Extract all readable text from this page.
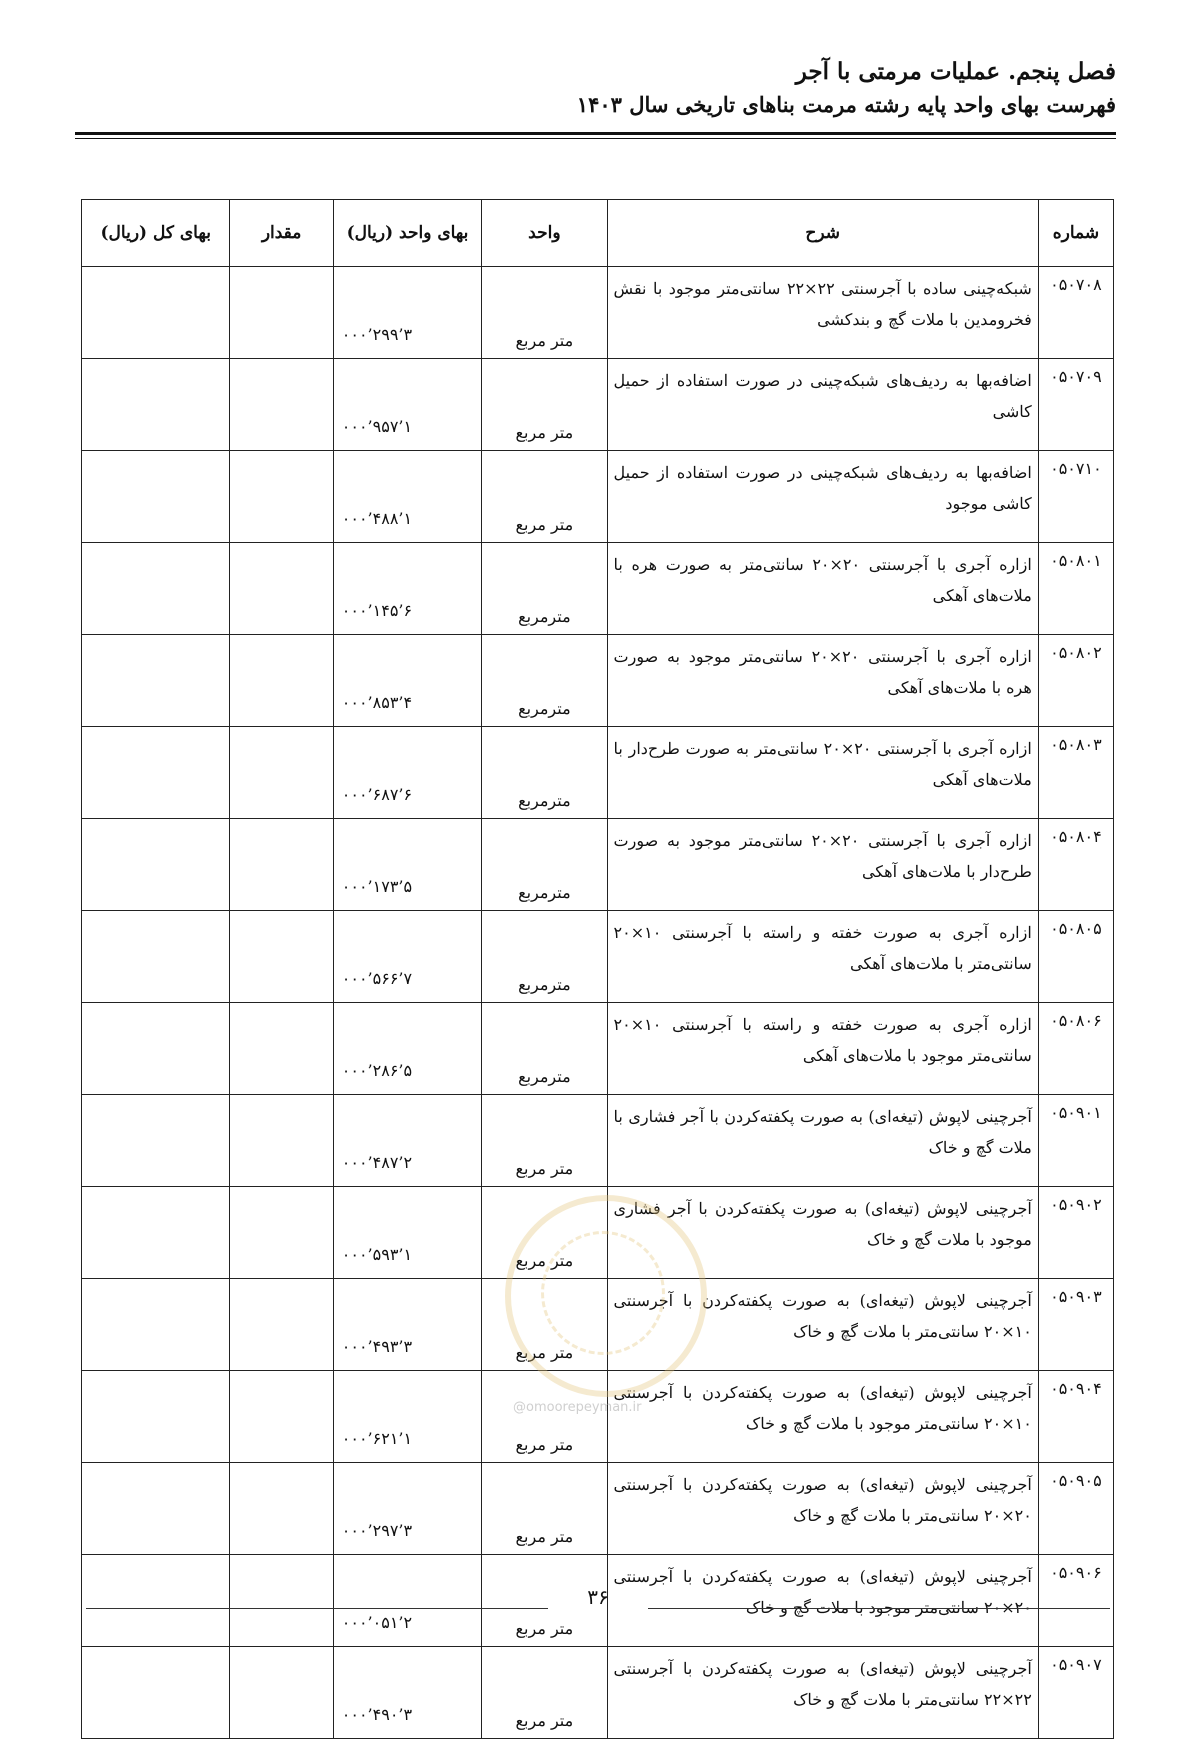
فصل پنجم. عملیات مرمتی با آجر
فهرست بهای واحد پایه رشته مرمت بناهای تاریخی سال ۱۴۰۳
شماره	شرح	واحد	بهای واحد (ریال)	مقدار	بهای کل (ریال)
۰۵۰۷۰۸	شبکه‌چینی ساده با آجرسنتی ۲۲×۲۲ سانتی‌متر موجود با نقش فخرومدین با ملات گچ و بندکشی	متر مربع	۳’۲۹۹’۰۰۰		
۰۵۰۷۰۹	اضافه‌بها به ردیف‌های شبکه‌چینی در صورت استفاده از حمیل کاشی	متر مربع	۱’۹۵۷’۰۰۰		
۰۵۰۷۱۰	اضافه‌بها به ردیف‌های شبکه‌چینی در صورت استفاده از حمیل کاشی موجود	متر مربع	۱’۴۸۸’۰۰۰		
۰۵۰۸۰۱	ازاره آجری با آجرسنتی ۲۰×۲۰ سانتی‌متر به صورت هره با ملات‌های آهکی	مترمربع	۶’۱۴۵’۰۰۰		
۰۵۰۸۰۲	ازاره آجری با آجرسنتی ۲۰×۲۰ سانتی‌متر موجود به صورت هره با ملات‌های آهکی	مترمربع	۴’۸۵۳’۰۰۰		
۰۵۰۸۰۳	ازاره آجری با آجرسنتی ۲۰×۲۰ سانتی‌متر به صورت طرح‌دار با ملات‌های آهکی	مترمربع	۶’۶۸۷’۰۰۰		
۰۵۰۸۰۴	ازاره آجری با آجرسنتی ۲۰×۲۰ سانتی‌متر موجود به صورت طرح‌دار با ملات‌های آهکی	مترمربع	۵’۱۷۳’۰۰۰		
۰۵۰۸۰۵	ازاره آجری به صورت خفته و راسته با آجرسنتی ۱۰×۲۰ سانتی‌متر با ملات‌های آهکی	مترمربع	۷’۵۶۶’۰۰۰		
۰۵۰۸۰۶	ازاره آجری به صورت خفته و راسته با آجرسنتی ۱۰×۲۰ سانتی‌متر موجود با ملات‌های آهکی	مترمربع	۵’۲۸۶’۰۰۰		
۰۵۰۹۰۱	آجرچینی لاپوش (تیغه‌ای) به صورت پکفته‌کردن با آجر فشاری با ملات گچ و خاک	متر مربع	۲’۴۸۷’۰۰۰		
۰۵۰۹۰۲	آجرچینی لاپوش (تیغه‌ای) به صورت پکفته‌کردن با آجر فشاری موجود با ملات گچ و خاک	متر مربع	۱’۵۹۳’۰۰۰		
۰۵۰۹۰۳	آجرچینی لاپوش (تیغه‌ای) به صورت پکفته‌کردن با آجرسنتی ۱۰×۲۰ سانتی‌متر با ملات گچ و خاک	متر مربع	۳’۴۹۳’۰۰۰		
۰۵۰۹۰۴	آجرچینی لاپوش (تیغه‌ای) به صورت پکفته‌کردن با آجرسنتی ۱۰×۲۰ سانتی‌متر موجود با ملات گچ و خاک	متر مربع	۱’۶۲۱’۰۰۰		
۰۵۰۹۰۵	آجرچینی لاپوش (تیغه‌ای) به صورت پکفته‌کردن با آجرسنتی ۲۰×۲۰ سانتی‌متر با ملات گچ و خاک	متر مربع	۳’۲۹۷’۰۰۰		
۰۵۰۹۰۶	آجرچینی لاپوش (تیغه‌ای) به صورت پکفته‌کردن با آجرسنتی ۲۰×۲۰ سانتی‌متر موجود با ملات گچ و خاک	متر مربع	۲’۰۵۱’۰۰۰		
۰۵۰۹۰۷	آجرچینی لاپوش (تیغه‌ای) به صورت پکفته‌کردن با آجرسنتی ۲۲×۲۲ سانتی‌متر با ملات گچ و خاک	متر مربع	۳’۴۹۰’۰۰۰		
@omoorepeyman.ir
۳۶
